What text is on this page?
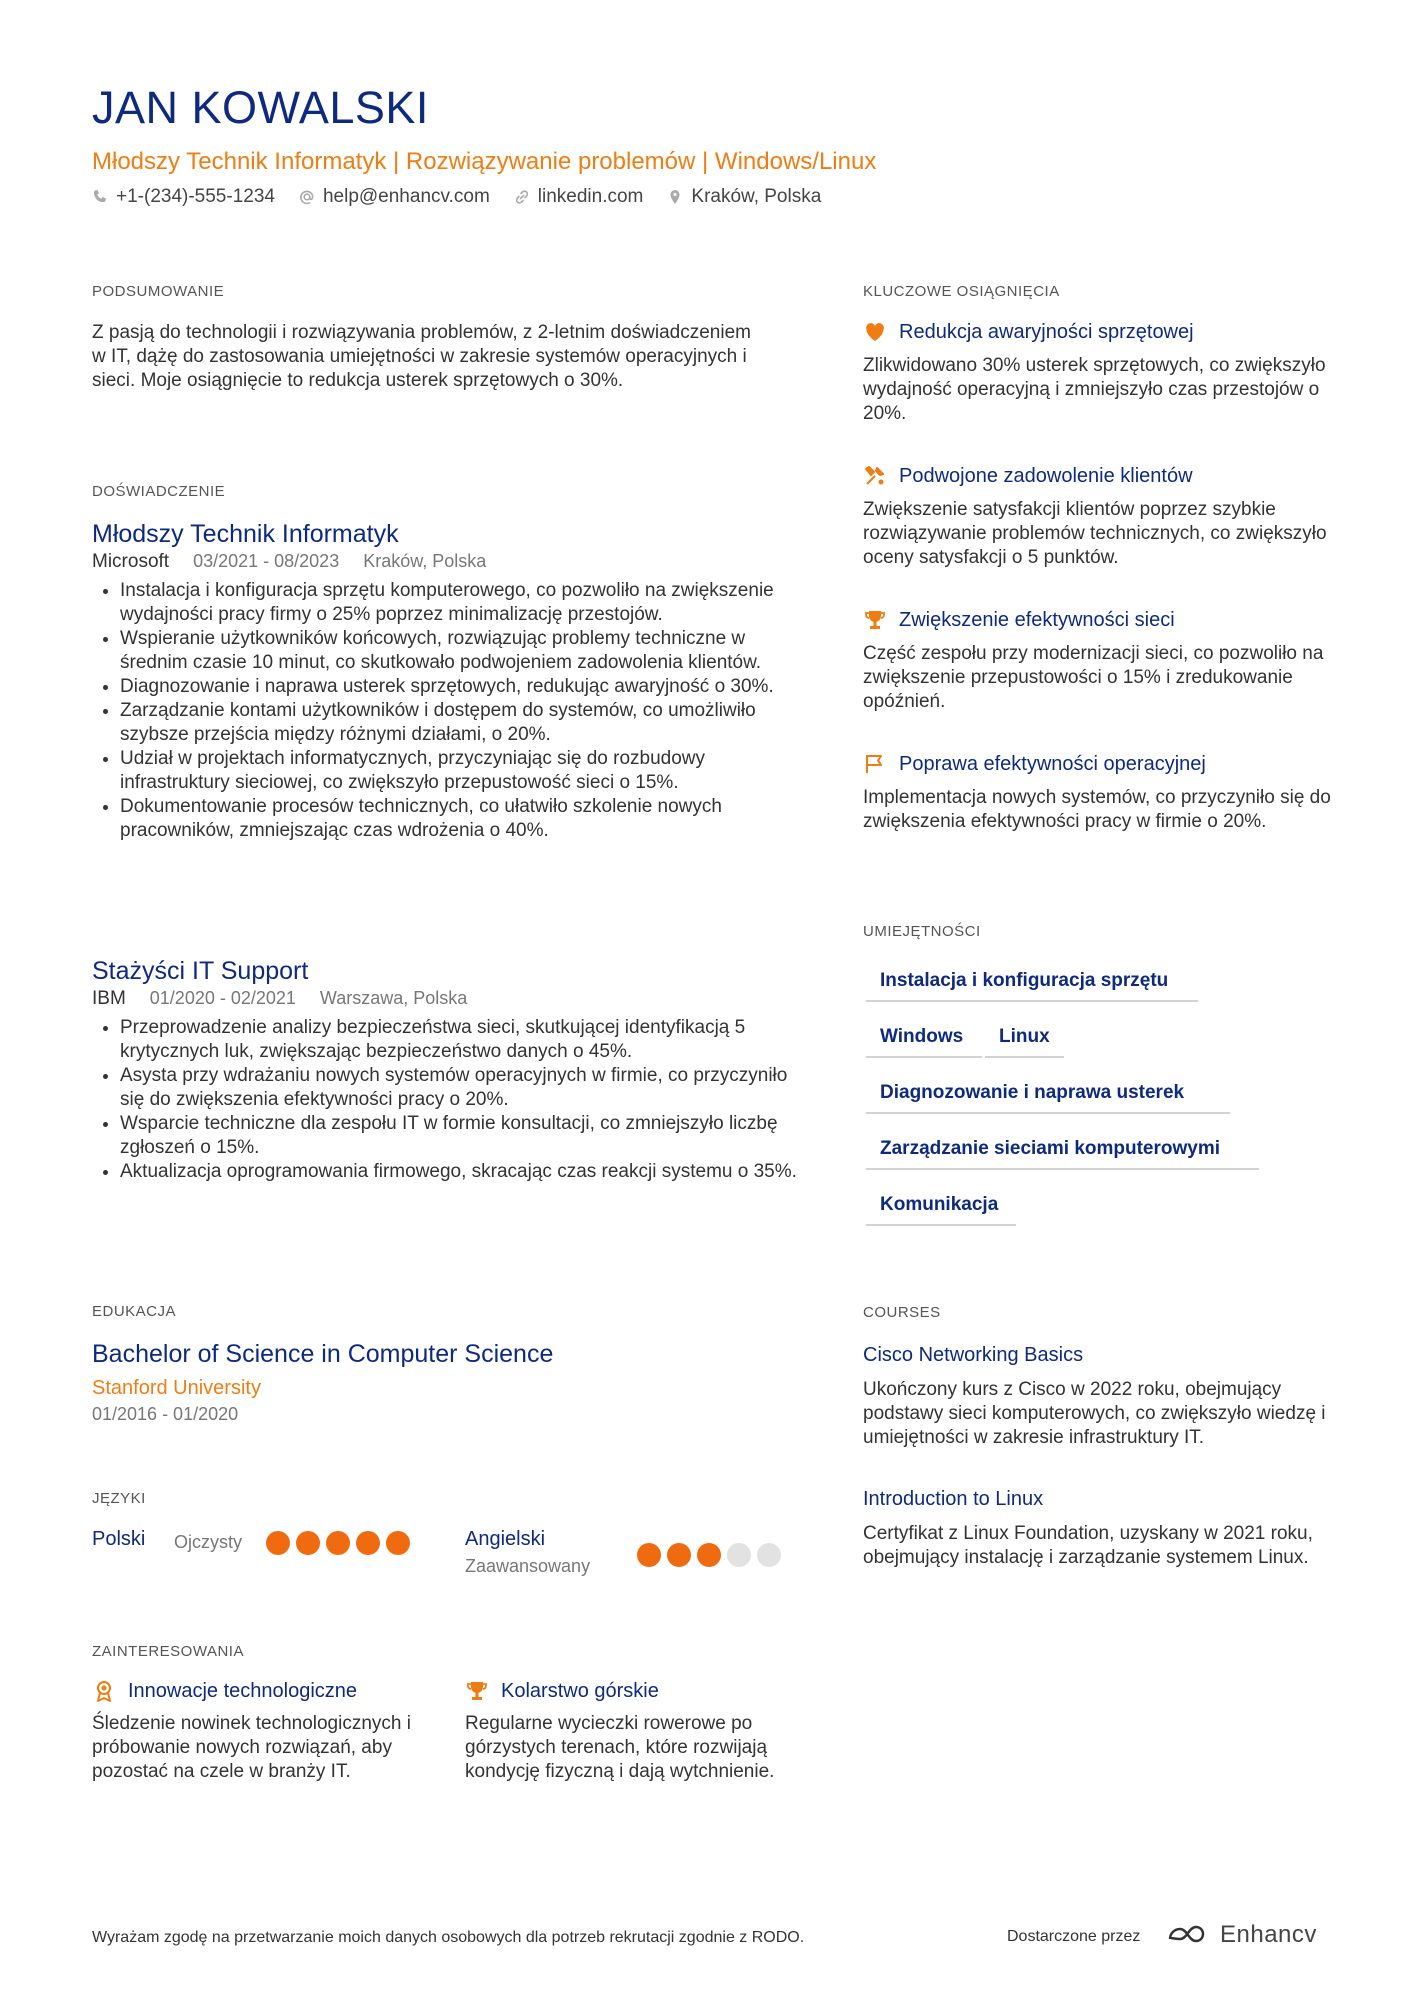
JAN KOWALSKI
Młodszy Technik Informatyk | Rozwiązywanie problemów | Windows/Linux
+1-(234)-555-1234	help@enhancv.com	linkedin.com	Kraków, Polska
PODSUMOWANIE
Z pasją do technologii i rozwiązywania problemów, z 2-letnim doświadczeniem w IT, dążę do zastosowania umiejętności w zakresie systemów operacyjnych i sieci. Moje osiągnięcie to redukcja usterek sprzętowych o 30%.
DOŚWIADCZENIE
Młodszy Technik Informatyk
Microsoft 03/2021 - 08/2023 Kraków, Polska
• Instalacja i konfiguracja sprzętu komputerowego, co pozwoliło na zwiększenie wydajności pracy firmy o 25% poprzez minimalizację przestojów.
• Wspieranie użytkowników końcowych, rozwiązując problemy techniczne w średnim czasie 10 minut, co skutkowało podwojeniem zadowolenia klientów.
• Diagnozowanie i naprawa usterek sprzętowych, redukując awaryjność o 30%.
• Zarządzanie kontami użytkowników i dostępem do systemów, co umożliwiło szybsze przejścia między różnymi działami, o 20%.
• Udział w projektach informatycznych, przyczyniając się do rozbudowy infrastruktury sieciowej, co zwiększyło przepustowość sieci o 15%.
• Dokumentowanie procesów technicznych, co ułatwiło szkolenie nowych pracowników, zmniejszając czas wdrożenia o 40%.
Stażyści IT Support
IBM 01/2020 - 02/2021 Warszawa, Polska
• Przeprowadzenie analizy bezpieczeństwa sieci, skutkującej identyfikacją 5 krytycznych luk, zwiększając bezpieczeństwo danych o 45%.
• Asysta przy wdrażaniu nowych systemów operacyjnych w firmie, co przyczyniło się do zwiększenia efektywności pracy o 20%.
• Wsparcie techniczne dla zespołu IT w formie konsultacji, co zmniejszyło liczbę zgłoszeń o 15%.
• Aktualizacja oprogramowania firmowego, skracając czas reakcji systemu o 35%.
EDUKACJA
Bachelor of Science in Computer Science
Stanford University
01/2016 - 01/2020
JĘZYKI
Polski Ojczysty	Angielski
Zaawansowany
ZAINTERESOWANIA
Innowacje technologiczne
Śledzenie nowinek technologicznych i próbowanie nowych rozwiązań, aby pozostać na czele w branży IT.
Kolarstwo górskie
Regularne wycieczki rowerowe po górzystych terenach, które rozwijają kondycję fizyczną i dają wytchnienie.
KLUCZOWE OSIĄGNIĘCIA
Redukcja awaryjności sprzętowej
Zlikwidowano 30% usterek sprzętowych, co zwiększyło wydajność operacyjną i zmniejszyło czas przestojów o 20%.
Podwojone zadowolenie klientów
Zwiększenie satysfakcji klientów poprzez szybkie rozwiązywanie problemów technicznych, co zwiększyło oceny satysfakcji o 5 punktów.
Zwiększenie efektywności sieci
Część zespołu przy modernizacji sieci, co pozwoliło na zwiększenie przepustowości o 15% i zredukowanie opóźnień.
Poprawa efektywności operacyjnej
Implementacja nowych systemów, co przyczyniło się do zwiększenia efektywności pracy w firmie o 20%.
UMIEJĘTNOŚCI
Instalacja i konfiguracja sprzętu
Windows	Linux
Diagnozowanie i naprawa usterek
Zarządzanie sieciami komputerowymi
Komunikacja
COURSES
Cisco Networking Basics
Ukończony kurs z Cisco w 2022 roku, obejmujący podstawy sieci komputerowych, co zwiększyło wiedzę i umiejętności w zakresie infrastruktury IT.
Introduction to Linux
Certyfikat z Linux Foundation, uzyskany w 2021 roku, obejmujący instalację i zarządzanie systemem Linux.
Wyrażam zgodę na przetwarzanie moich danych osobowych dla potrzeb rekrutacji zgodnie z RODO.	Dostarczone przez	Enhancv
